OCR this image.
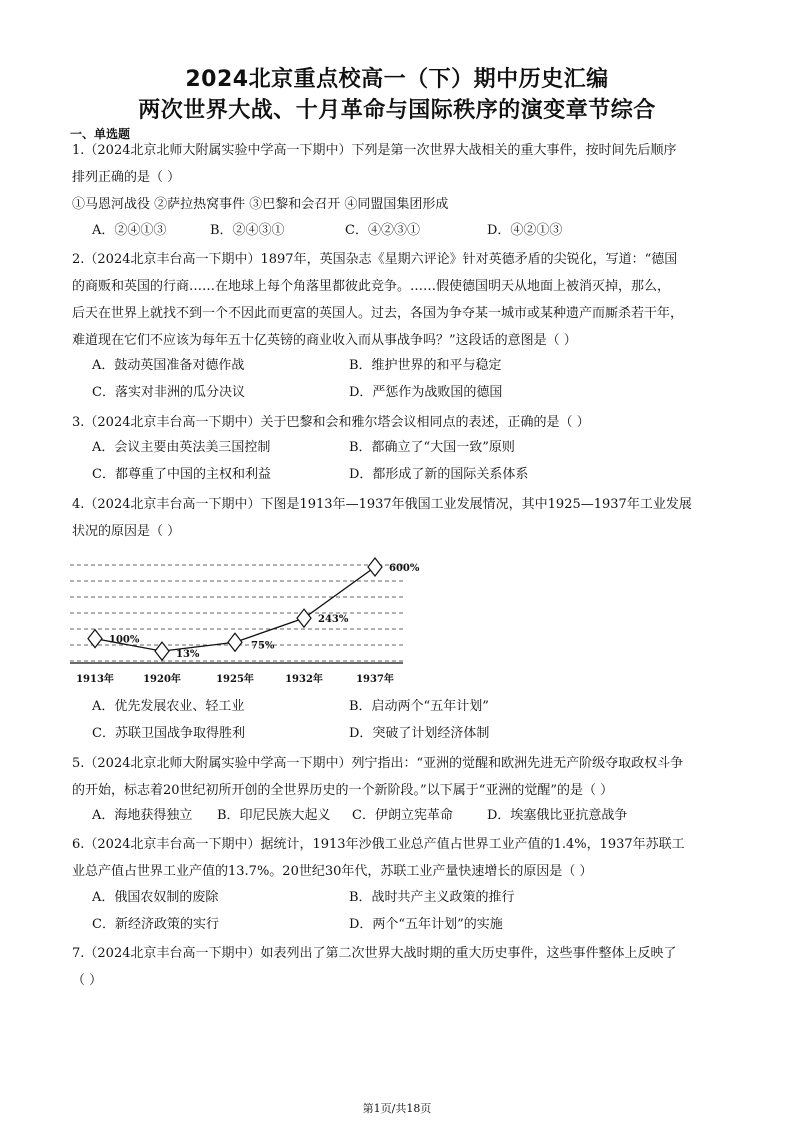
2024北京重点校高一（下）期中历史汇编
两次世界大战、十月革命与国际秩序的演变章节综合
一、单选题
1.（2024北京北师大附属实验中学高一下期中）下列是第一次世界大战相关的重大事件，按时间先后顺序
排列正确的是（ ）
①马恩河战役 ②萨拉热窝事件 ③巴黎和会召开 ④同盟国集团形成
A．②④①③	B．②④③①	C．④②③①	D．④②①③
2.（2024北京丰台高一下期中）1897年，英国杂志《星期六评论》针对英德矛盾的尖锐化，写道：“德国
的商贩和英国的行商……在地球上每个角落里都彼此竞争。……假使德国明天从地面上被消灭掉，那么，
后天在世界上就找不到一个不因此而更富的英国人。过去，各国为争夺某一城市或某种遗产而厮杀若干年，
难道现在它们不应该为每年五十亿英镑的商业收入而从事战争吗？”这段话的意图是（ ）
A．鼓动英国准备对德作战	B．维护世界的和平与稳定
C．落实对非洲的瓜分决议	D．严惩作为战败国的德国
3.（2024北京丰台高一下期中）关于巴黎和会和雅尔塔会议相同点的表述，正确的是（ ）
A．会议主要由英法美三国控制	B．都确立了“大国一致”原则
C．都尊重了中国的主权和利益	D．都形成了新的国际关系体系
4.（2024北京丰台高一下期中）下图是1913年—1937年俄国工业发展情况，其中1925—1937年工业发展
状况的原因是（ ）
100%
1913年
13%
1920年
75%
1925年
243%
1932年
600%
1937年
A．优先发展农业、轻工业	B．启动两个“五年计划”
C．苏联卫国战争取得胜利	D．突破了计划经济体制
5.（2024北京北师大附属实验中学高一下期中）列宁指出：“亚洲的觉醒和欧洲先进无产阶级夺取政权斗争
的开始，标志着20世纪初所开创的全世界历史的一个新阶段。”以下属于“亚洲的觉醒”的是（ ）
A．海地获得独立 B．印尼民族大起义 C．伊朗立宪革命	D．埃塞俄比亚抗意战争
6.（2024北京丰台高一下期中）据统计，1913年沙俄工业总产值占世界工业产值的1.4%，1937年苏联工
业总产值占世界工业产值的13.7%。20世纪30年代，苏联工业产量快速增长的原因是（ ）
A．俄国农奴制的废除	B．战时共产主义政策的推行
C．新经济政策的实行	D．两个“五年计划”的实施
7.（2024北京丰台高一下期中）如表列出了第二次世界大战时期的重大历史事件，这些事件整体上反映了
（ ）
第1页/共18页
